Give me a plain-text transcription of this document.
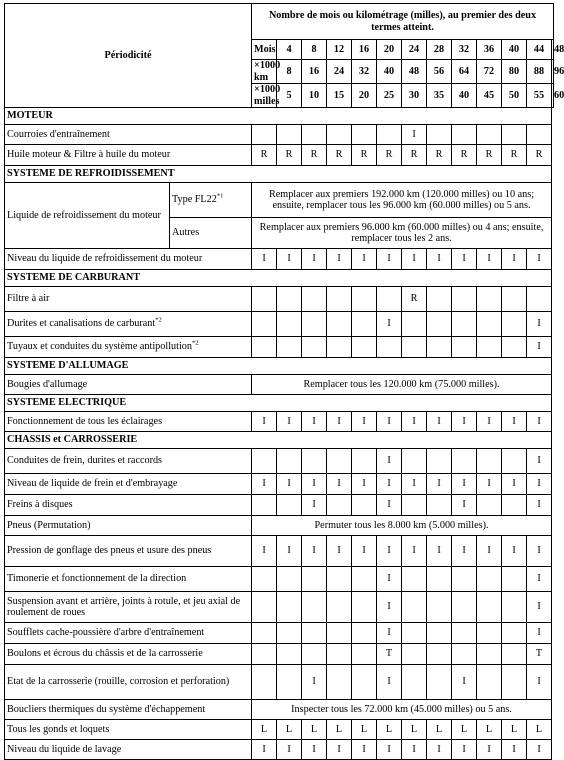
Périodicité		Nombre de mois ou kilométrage (milles), au premier des deux termes atteint.												
		Mois	4	8	12	16	20	24	28	32	36	40	44	48
		×1000 km	8	16	24	32	40	48	56	64	72	80	88	96
		×1000 milles	5	10	15	20	25	30	35	40	45	50	55	60
MOTEUR														
Courroies d'entraînement								I						
Huile moteur & Filtre à huile du moteur		R	R	R	R	R	R	R	R	R	R	R	R	
SYSTEME DE REFROIDISSEMENT														
Liquide de refroidissement du moteur	Type FL22$^{*1}$	Remplacer aux premiers 192.000 km (120.000 milles) ou 10 ans; ensuite, remplacer tous les 96.000 km (60.000 milles) ou 5 ans.												
	Autres	Remplacer aux premiers 96.000 km (60.000 milles) ou 4 ans; ensuite, remplacer tous les 2 ans.												
Niveau du liquide de refroidissement du moteur		I	I	I	I	I	I	I	I	I	I	I	I	
SYSTEME DE CARBURANT														
Filtre à air								R						
Durites et canalisations de carburant$^{*2}$							I						I	
Tuyaux et conduites du système antipollution$^{*2}$													I	
SYSTEME D'ALLUMAGE														
Bougies d'allumage		Remplacer tous les 120.000 km (75.000 milles).												
SYSTEME ELECTRIQUE														
Fonctionnement de tous les éclairages		I	I	I	I	I	I	I	I	I	I	I	I	
CHASSIS et CARROSSERIE														
Conduites de frein, durites et raccords							I						I	
Niveau de liquide de frein et d'embrayage		I	I	I	I	I	I	I	I	I	I	I	I	
Freins à disques				I			I			I			I	
Pneus (Permutation)		Permuter tous les 8.000 km (5.000 milles).												
Pression de gonflage des pneus et usure des pneus		I	I	I	I	I	I	I	I	I	I	I	I	
Timonerie et fonctionnement de la direction							I						I	
Suspension avant et arrière, joints à rotule, et jeu axial de roulement de roues							I						I	
Soufflets cache-poussière d'arbre d'entraînement							I						I	
Boulons et écrous du châssis et de la carrosserie							T						T	
Etat de la carrosserie (rouille, corrosion et perforation)				I			I			I			I	
Boucliers thermiques du système d'échappement		Inspecter tous les 72.000 km (45.000 milles) ou 5 ans.												
Tous les gonds et loquets		L	L	L	L	L	L	L	L	L	L	L	L	
Niveau du liquide de lavage		I	I	I	I	I	I	I	I	I	I	I	I	
